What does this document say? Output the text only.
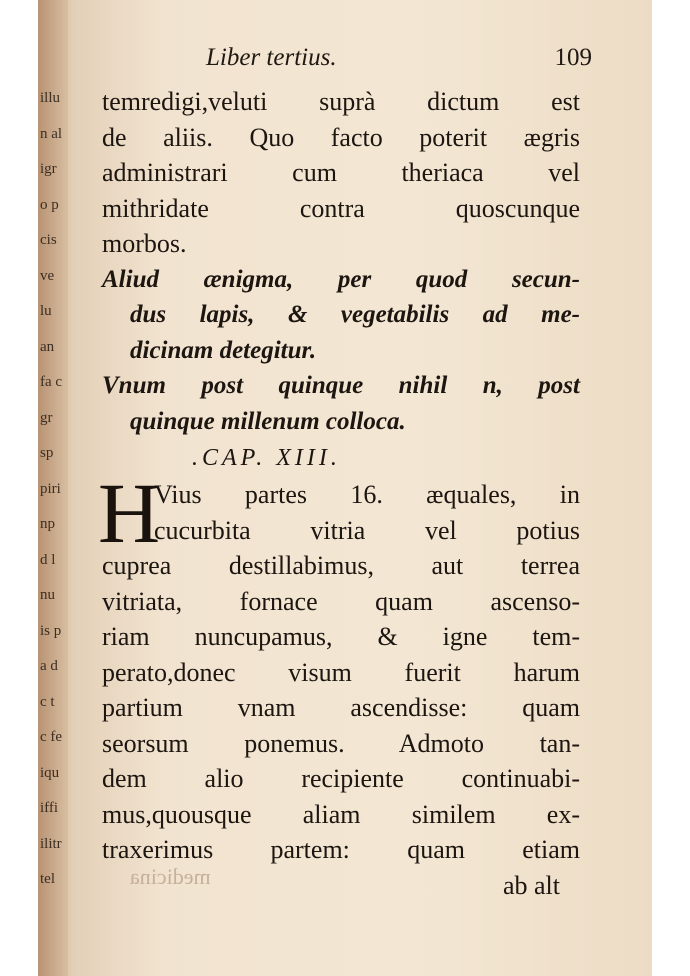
illu
n al
igr
o p
cis
ve
lu
an
fa c
gr
sp
piri
np
d l
nu
is p
a d
c t
c fe
iqu
iffi
ilitr
tel	medicina
Liber tertius.	109
temredigi,veluti suprà dictum est
de aliis. Quo facto poterit ægris
administrari cum theriaca vel
mithridate contra quoscunque
morbos.
Aliud ænigma, per quod secun-
dus lapis, & vegetabilis ad me-
dicinam detegitur.
Vnum post quinque nihil n, post
quinque millenum colloca.
.CAP. XIII.
H
Vius partes 16. æquales, in
cucurbita vitria vel potius
cuprea destillabimus, aut terrea
vitriata, fornace quam ascenso-
riam nuncupamus, & igne tem-
perato,donec visum fuerit harum
partium vnam ascendisse: quam
seorsum ponemus. Admoto tan-
dem alio recipiente continuabi-
mus,quousque aliam similem ex-
traxerimus partem: quam etiam
ab alt
